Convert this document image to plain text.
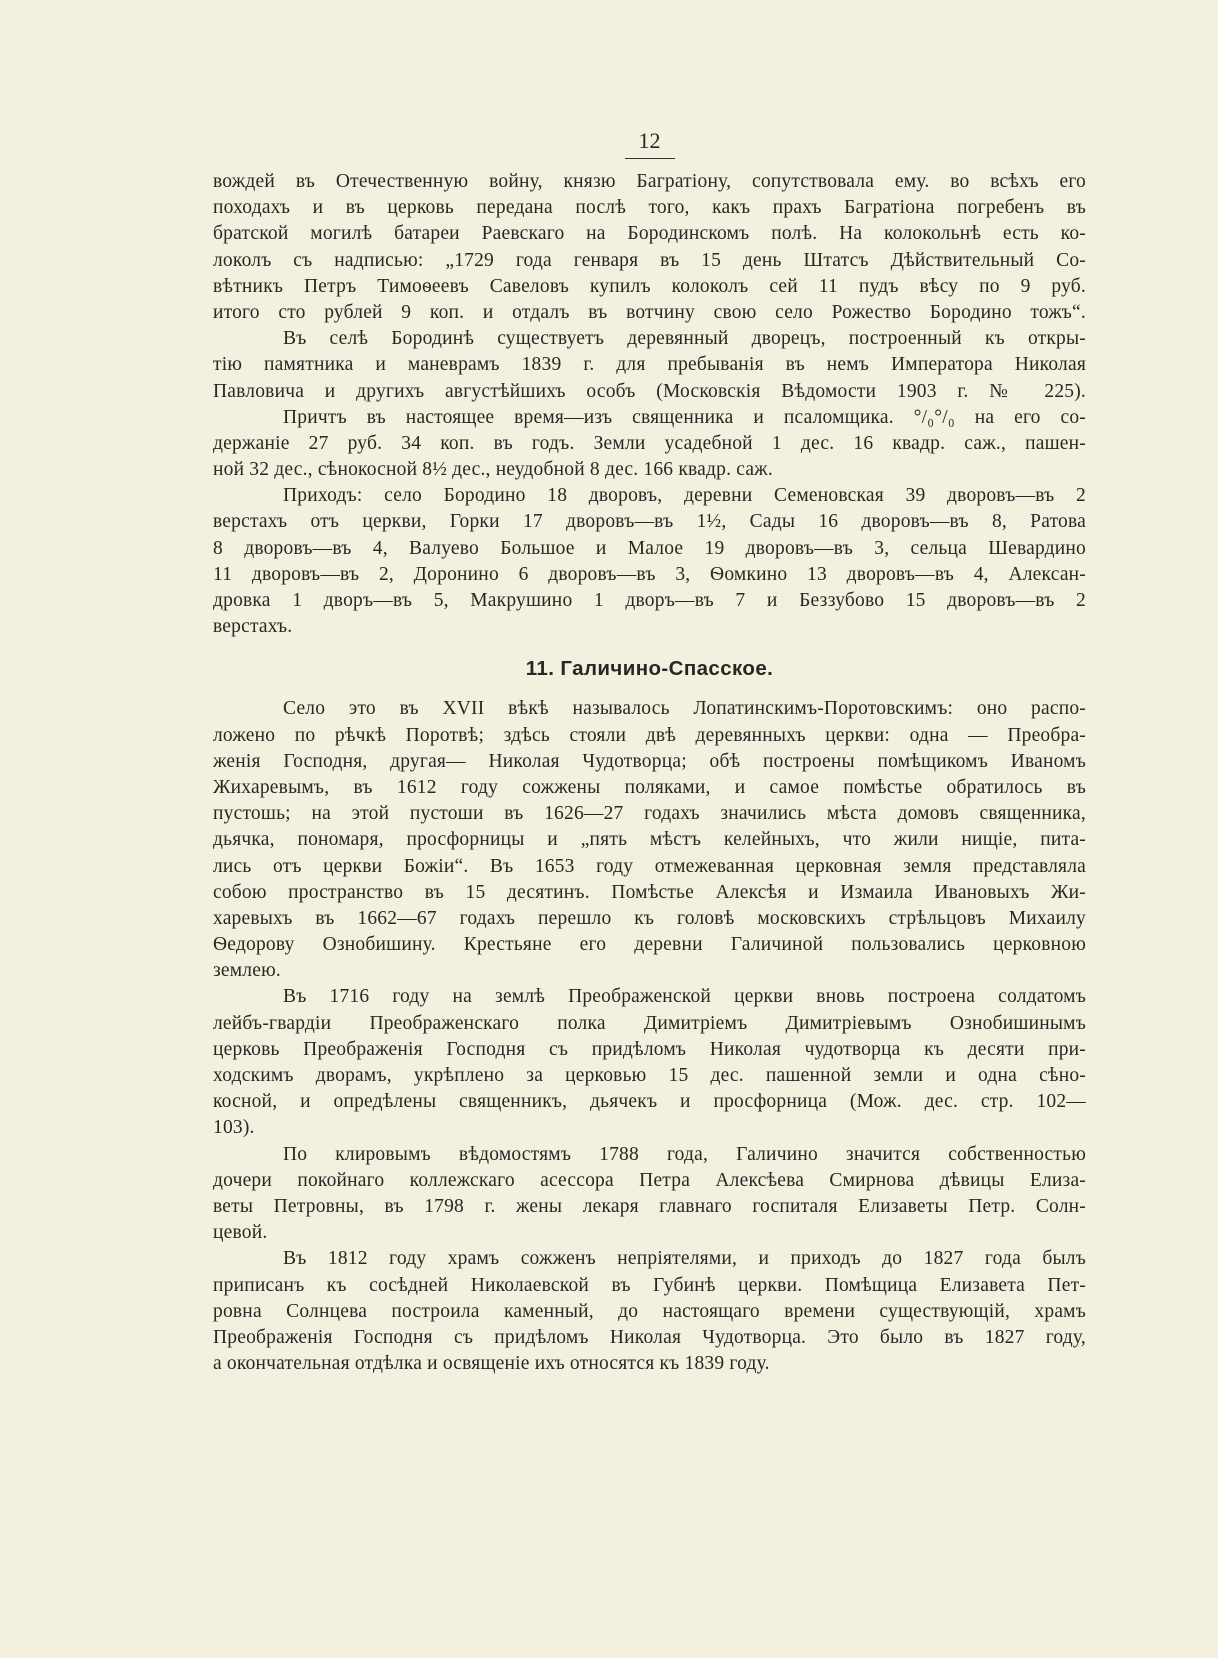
12
вождей въ Отечественную войну, князю Багратіону, сопутствовала ему. во всѣхъ его
походахъ и въ церковь передана послѣ того, какъ прахъ Багратіона погребенъ въ
братской могилѣ батареи Раевскаго на Бородинскомъ полѣ. На колокольнѣ есть ко-
локолъ съ надписью: „1729 года генваря въ 15 день Штатсъ Дѣйствительный Со-
вѣтникъ Петръ Тимоѳеевъ Савеловъ купилъ колоколъ сей 11 пудъ вѣсу по 9 руб.
итого сто рублей 9 коп. и отдалъ въ вотчину свою село Рожество Бородино тожъ“.
Въ селѣ Бородинѣ существуетъ деревянный дворецъ, построенный къ откры-
тію памятника и маневрамъ 1839 г. для пребыванія въ немъ Императора Николая
Павловича и другихъ августѣйшихъ особъ (Московскія Вѣдомости 1903 г. № 225).
Причтъ въ настоящее время—изъ священника и псаломщика. °/₀°/₀ на его со-
держаніе 27 руб. 34 коп. въ годъ. Земли усадебной 1 дес. 16 квадр. саж., пашен-
ной 32 дес., сѣнокосной 8½ дес., неудобной 8 дес. 166 квадр. саж.
Приходъ: село Бородино 18 дворовъ, деревни Семеновская 39 дворовъ—въ 2
верстахъ отъ церкви, Горки 17 дворовъ—въ 1½, Сады 16 дворовъ—въ 8, Ратова
8 дворовъ—въ 4, Валуево Большое и Малое 19 дворовъ—въ 3, сельца Шевардино
11 дворовъ—въ 2, Доронино 6 дворовъ—въ 3, Ѳомкино 13 дворовъ—въ 4, Алексан-
дровка 1 дворъ—въ 5, Макрушино 1 дворъ—въ 7 и Беззубово 15 дворовъ—въ 2
верстахъ.
11. Галичино-Спасское.
Село это въ XVII вѣкѣ называлось Лопатинскимъ-Поротовскимъ: оно распо-
ложено по рѣчкѣ Поротвѣ; здѣсь стояли двѣ деревянныхъ церкви: одна — Преобра-
женія Господня, другая— Николая Чудотворца; обѣ построены помѣщикомъ Иваномъ
Жихаревымъ, въ 1612 году сожжены поляками, и самое помѣстье обратилось въ
пустошь; на этой пустоши въ 1626—27 годахъ значились мѣста домовъ священника,
дьячка, пономаря, просфорницы и „пять мѣстъ келейныхъ, что жили нищіе, пита-
лись отъ церкви Божіи“. Въ 1653 году отмежеванная церковная земля представляла
собою пространство въ 15 десятинъ. Помѣстье Алексѣя и Измаила Ивановыхъ Жи-
харевыхъ въ 1662—67 годахъ перешло къ головѣ московскихъ стрѣльцовъ Михаилу
Ѳедорову Ознобишину. Крестьяне его деревни Галичиной пользовались церковною
землею.
Въ 1716 году на землѣ Преображенской церкви вновь построена солдатомъ
лейбъ-гвардіи Преображенскаго полка Димитріемъ Димитріевымъ Ознобишинымъ
церковь Преображенія Господня съ придѣломъ Николая чудотворца къ десяти при-
ходскимъ дворамъ, укрѣплено за церковью 15 дес. пашенной земли и одна сѣно-
косной, и опредѣлены священникъ, дьячекъ и просфорница (Мож. дес. стр. 102—
103).
По клировымъ вѣдомостямъ 1788 года, Галичино значится собственностью
дочери покойнаго коллежскаго асессора Петра Алексѣева Смирнова дѣвицы Елиза-
веты Петровны, въ 1798 г. жены лекаря главнаго госпиталя Елизаветы Петр. Солн-
цевой.
Въ 1812 году храмъ сожженъ непріятелями, и приходъ до 1827 года былъ
приписанъ къ сосѣдней Николаевской въ Губинѣ церкви. Помѣщица Елизавета Пет-
ровна Солнцева построила каменный, до настоящаго времени существующій, храмъ
Преображенія Господня съ придѣломъ Николая Чудотворца. Это было въ 1827 году,
а окончательная отдѣлка и освященіе ихъ относятся къ 1839 году.
